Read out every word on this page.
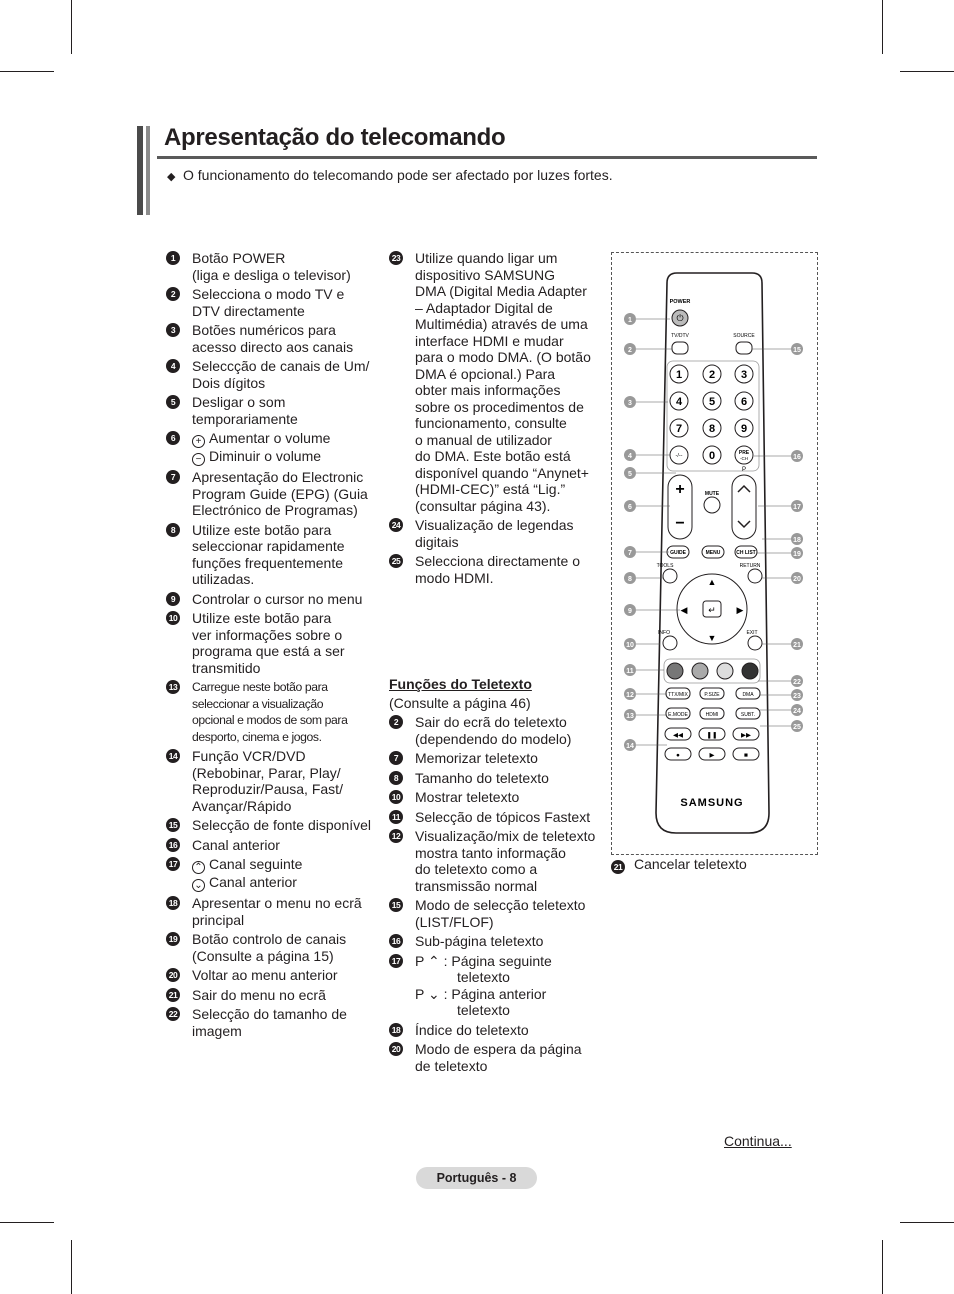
Apresentação do telecomando
◆ O funcionamento do telecomando pode ser afectado por luzes fortes.
1	Botão POWER
(liga e desliga o televisor)
2	Selecciona o modo TV e
DTV directamente
3	Botões numéricos para
acesso directo aos canais
4	Seleccção de canais de Um/
Dois dígitos
5	Desligar o som
temporariamente
6	+ Aumentar o volume
− Diminuir o volume
7	Apresentação do Electronic
Program Guide (EPG) (Guia
Electrónico de Programas)
8	Utilize este botão para
seleccionar rapidamente
funções frequentemente
utilizadas.
9	Controlar o cursor no menu
10 Utilize este botão para
ver informações sobre o
programa que está a ser
transmitido
13 Carregue neste botão para
seleccionar a visualização
opcional e modos de som para
desporto, cinema e jogos.
14 Função VCR/DVD
(Rebobinar, Parar, Play/
Reproduzir/Pausa, Fast/
Avançar/Rápido
15 Selecção de fonte disponível
16 Canal anterior
17 ⌃ Canal seguinte
⌄ Canal anterior
18 Apresentar o menu no ecrã
principal
19 Botão controlo de canais
(Consulte a página 15)
20 Voltar ao menu anterior
21 Sair do menu no ecrã
22 Selecção do tamanho de
imagem
23 Utilize quando ligar um
dispositivo SAMSUNG
DMA (Digital Media Adapter
– Adaptador Digital de
Multimédia) através de uma
interface HDMI e mudar
para o modo DMA. (O botão
DMA é opcional.) Para
obter mais informações
sobre os procedimentos de
funcionamento, consulte
o manual de utilizador
do DMA. Este botão está
disponível quando “Anynet+
(HDMI-CEC)” está “Lig.”
(consultar página 43).
24 Visualização de legendas
digitais
25 Selecciona directamente o
modo HDMI.
Funções do Teletexto
(Consulte a página 46)
2	Sair do ecrã do teletexto
(dependendo do modelo)
7	Memorizar teletexto
8	Tamanho do teletexto
10 Mostrar teletexto
11 Selecção de tópicos Fastext
12 Visualização/mix de teletexto
mostra tanto informação
do teletexto como a
transmissão normal
15 Modo de selecção teletexto
(LIST/FLOF)
16 Sub-página teletexto
17 P ⌃ : Página seguinte
teletexto
P ⌄ : Página anterior
teletexto
18 Índice do teletexto
20 Modo de espera da página
de teletexto
POWER
⏻
TV/DTV	SOURCE
1 2 3
4 5 6
7 8 9
0
-/--	PRE
-CH
+
−
MUTE
P
GUIDE	MENU	CH LIST
TOOLS	RETURN
↵
▲
▼
◀	▶
INFO	EXIT
TTX/MIX	P.SIZE	DMA
E.MODE	HDMI	SUBT.
◀◀	❚❚	▶▶
●	▶	■
SAMSUNG
1
2
3
4
5
6
7
8
9
10
11
12
13
14
15
16
17
18
19
20
21
22
23
24
25
21 Cancelar teletexto
Continua...
Português - 8
